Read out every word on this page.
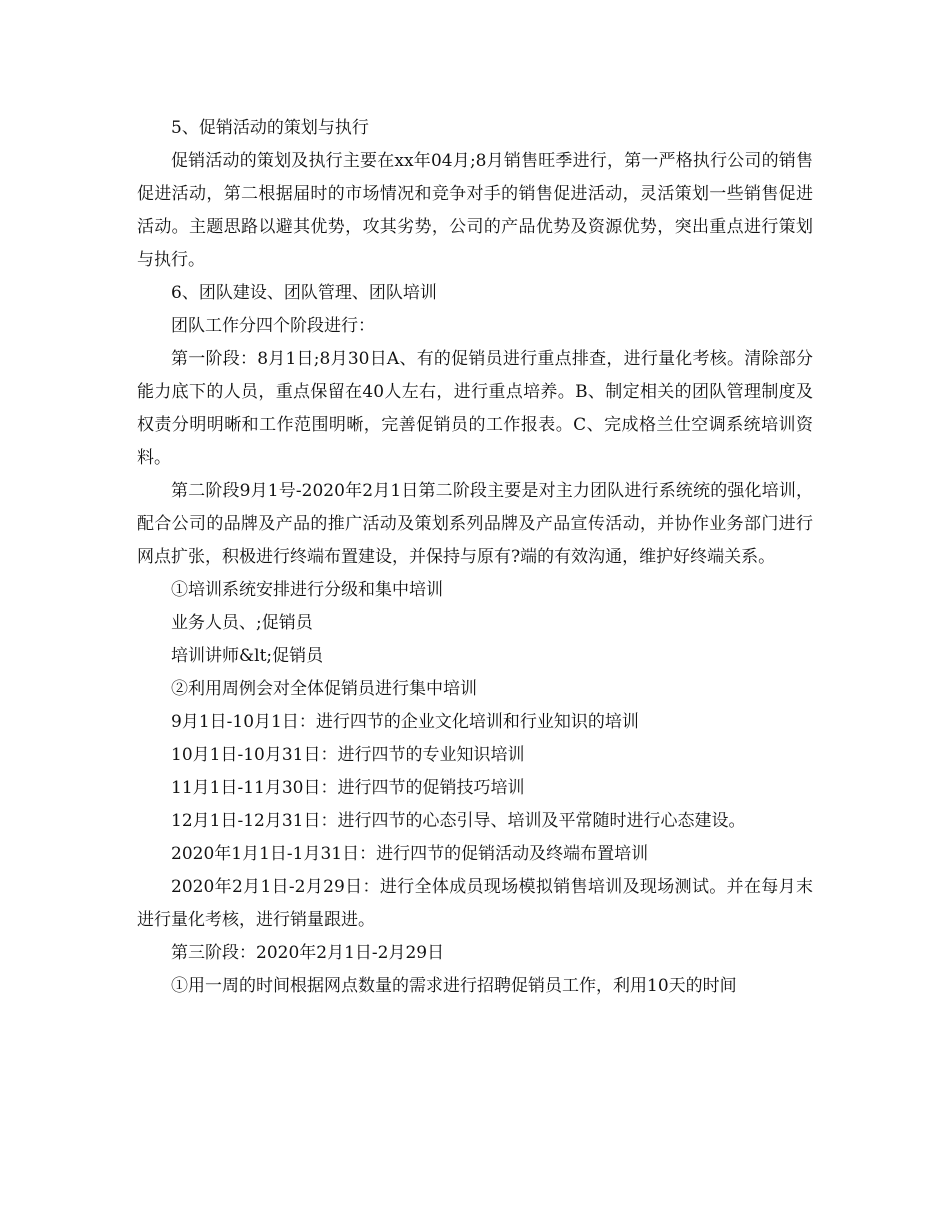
5、促销活动的策划与执行

促销活动的策划及执行主要在xx年04月;8月销售旺季进行，第一严格执行公司的销售促进活动，第二根据届时的市场情况和竞争对手的销售促进活动，灵活策划一些销售促进活动。主题思路以避其优势，攻其劣势，公司的产品优势及资源优势，突出重点进行策划与执行。

6、团队建设、团队管理、团队培训

团队工作分四个阶段进行：

第一阶段：8月1日;8月30日A、有的促销员进行重点排查，进行量化考核。清除部分能力底下的人员，重点保留在40人左右，进行重点培养。B、制定相关的团队管理制度及权责分明明晰和工作范围明晰，完善促销员的工作报表。C、完成格兰仕空调系统培训资料。

第二阶段9月1号-2020年2月1日第二阶段主要是对主力团队进行系统统的强化培训，配合公司的品牌及产品的推广活动及策划系列品牌及产品宣传活动，并协作业务部门进行网点扩张，积极进行终端布置建设，并保持与原有?端的有效沟通，维护好终端关系。

①培训系统安排进行分级和集中培训

业务人员、;促销员

培训讲师&lt;促销员

②利用周例会对全体促销员进行集中培训

9月1日-10月1日：进行四节的企业文化培训和行业知识的培训

10月1日-10月31日：进行四节的专业知识培训

11月1日-11月30日：进行四节的促销技巧培训

12月1日-12月31日：进行四节的心态引导、培训及平常随时进行心态建设。

2020年1月1日-1月31日：进行四节的促销活动及终端布置培训

2020年2月1日-2月29日：进行全体成员现场模拟销售培训及现场测试。并在每月末进行量化考核，进行销量跟进。

第三阶段：2020年2月1日-2月29日

①用一周的时间根据网点数量的需求进行招聘促销员工作，利用10天的时间
